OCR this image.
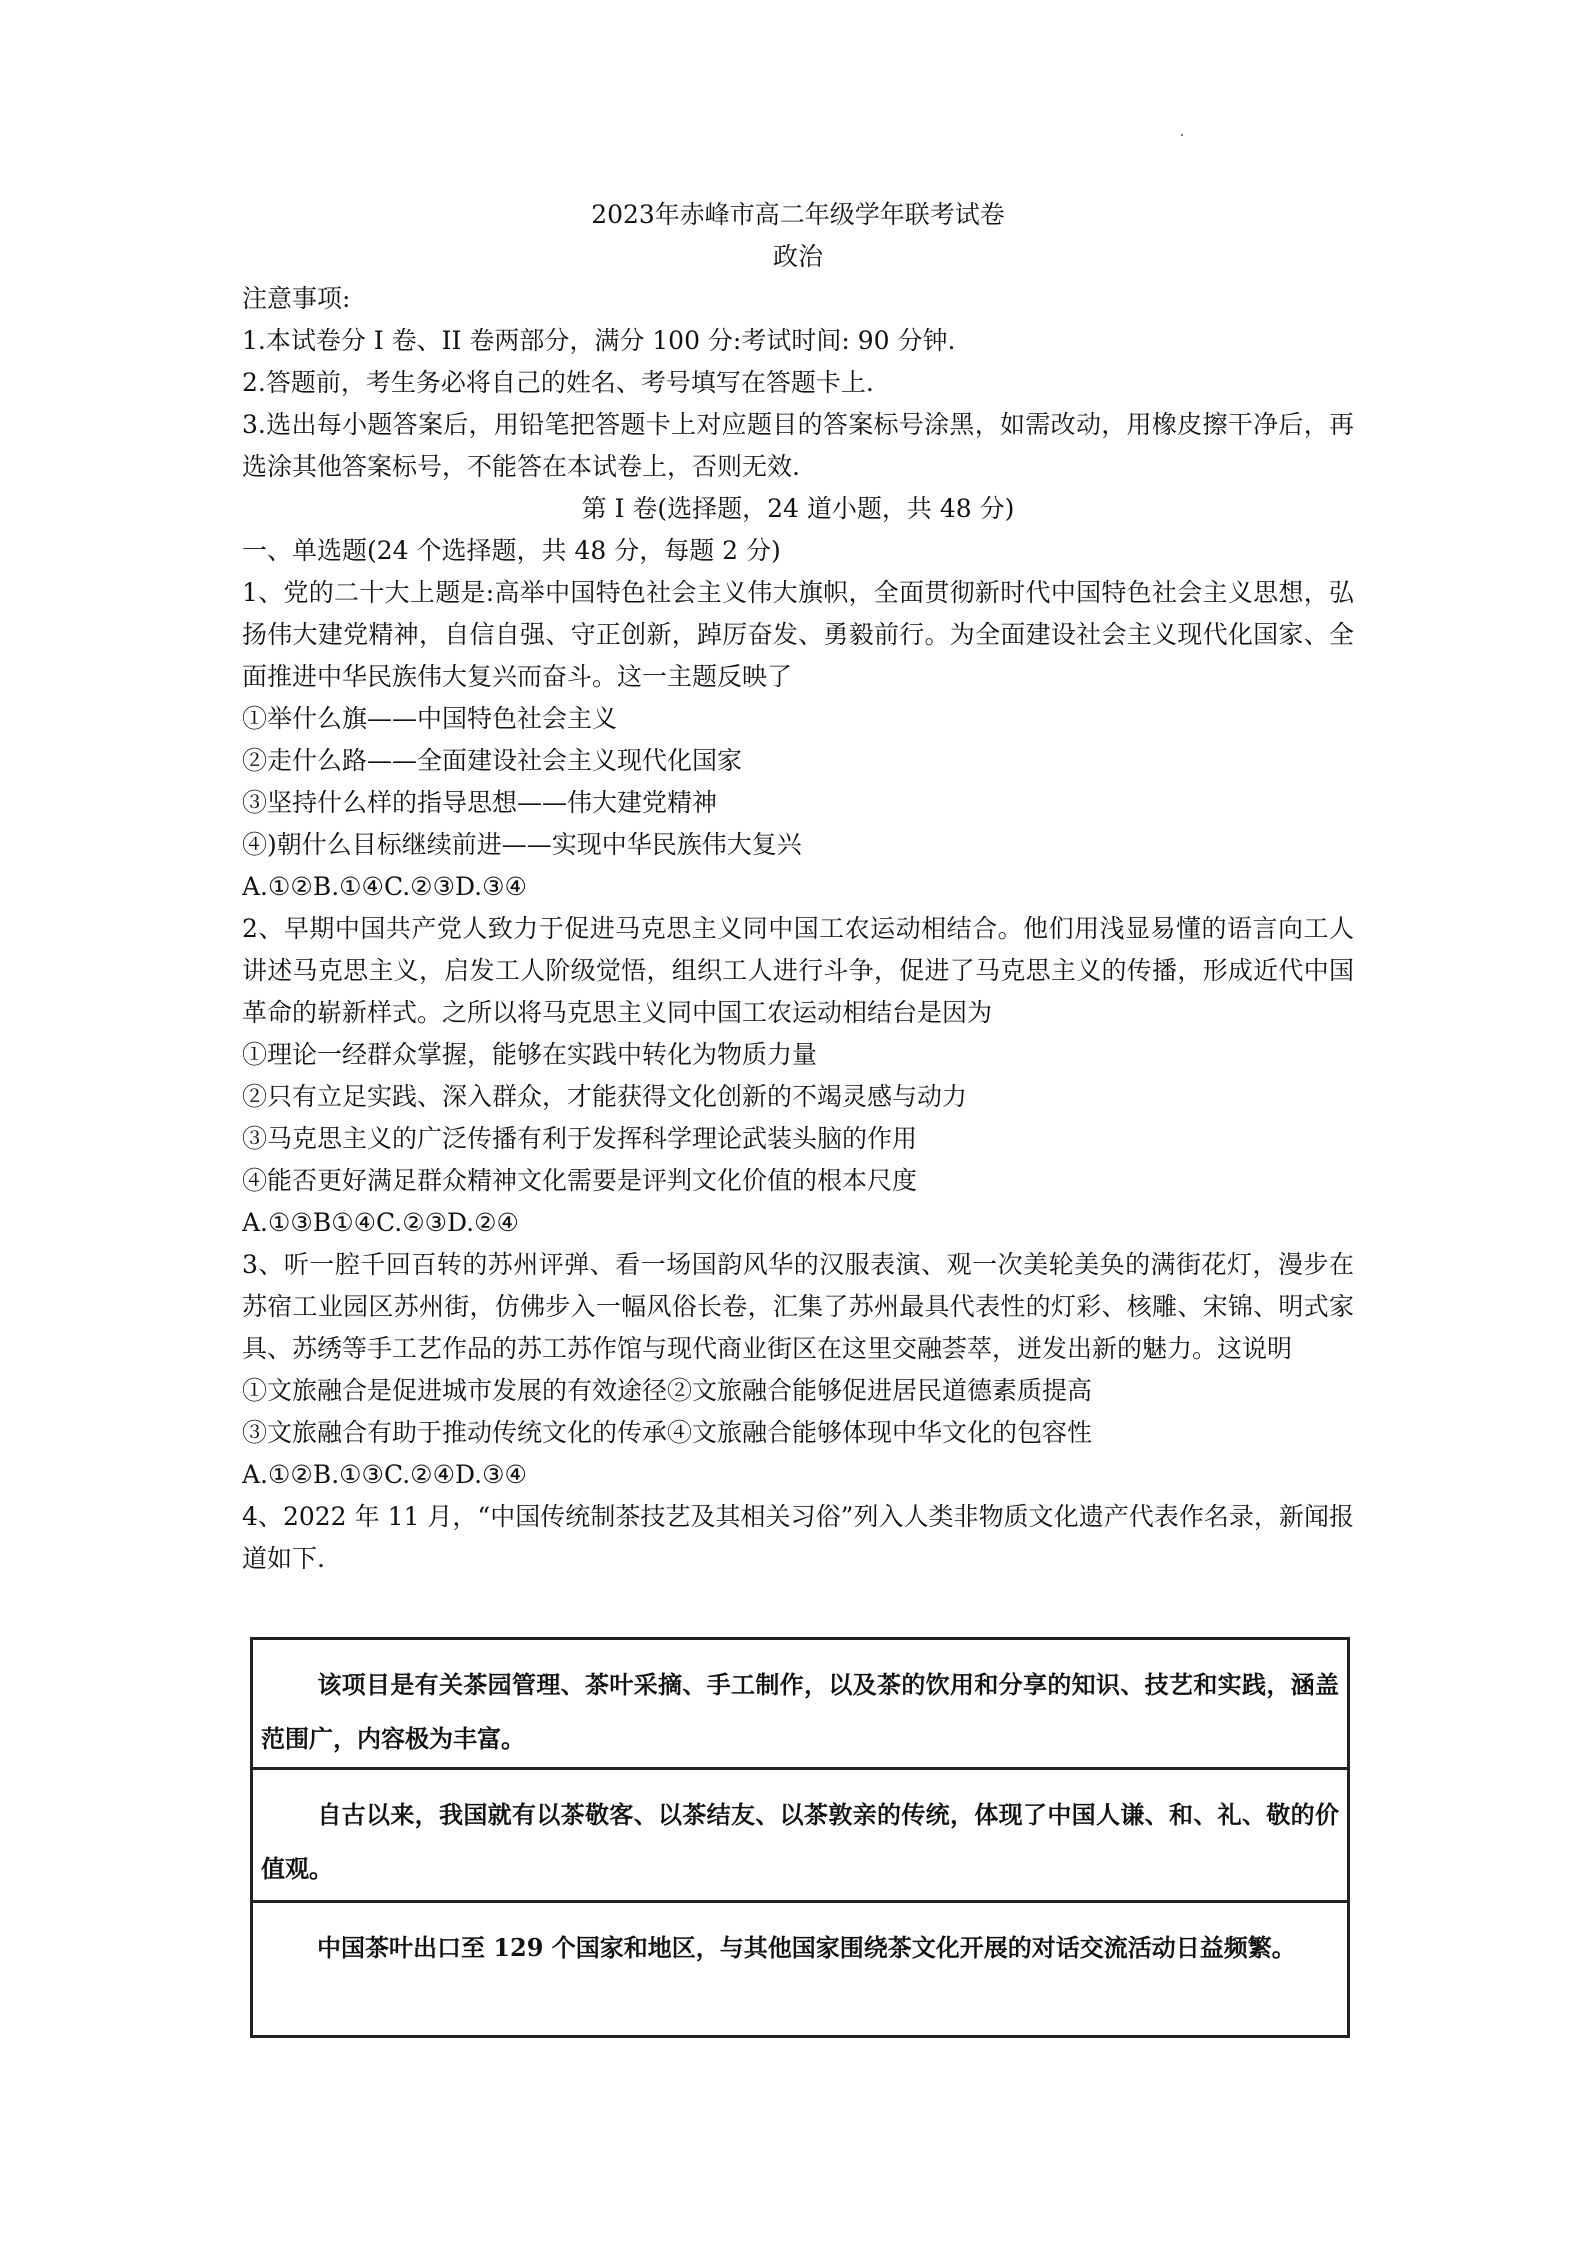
2023年赤峰市高二年级学年联考试卷

政治

注意事项:

1.本试卷分 I 卷、II 卷两部分，满分 100 分:考试时间: 90 分钟.

2.答题前，考生务必将自己的姓名、考号填写在答题卡上.

3.选出每小题答案后，用铅笔把答题卡上对应题目的答案标号涂黑，如需改动，用橡皮擦干净后，再选涂其他答案标号，不能答在本试卷上，否则无效.

第 I 卷(选择题，24 道小题，共 48 分)

一、单选题(24 个选择题，共 48 分，每题 2 分)

1、党的二十大上题是:高举中国特色社会主义伟大旗帜，全面贯彻新时代中国特色社会主义思想，弘扬伟大建党精神，自信自强、守正创新，踔厉奋发、勇毅前行。为全面建设社会主义现代化国家、全面推进中华民族伟大复兴而奋斗。这一主题反映了

①举什么旗——中国特色社会主义

②走什么路——全面建设社会主义现代化国家

③坚持什么样的指导思想——伟大建党精神

④)朝什么目标继续前进——实现中华民族伟大复兴

A.①②B.①④C.②③D.③④

2、早期中国共产党人致力于促进马克思主义同中国工农运动相结合。他们用浅显易懂的语言向工人讲述马克思主义，启发工人阶级觉悟，组织工人进行斗争，促进了马克思主义的传播，形成近代中国革命的崭新样式。之所以将马克思主义同中国工农运动相结台是因为

①理论一经群众掌握，能够在实践中转化为物质力量

②只有立足实践、深入群众，才能获得文化创新的不竭灵感与动力

③马克思主义的广泛传播有利于发挥科学理论武装头脑的作用

④能否更好满足群众精神文化需要是评判文化价值的根本尺度

A.①③B①④C.②③D.②④

3、听一腔千回百转的苏州评弹、看一场国韵风华的汉服表演、观一次美轮美奂的满街花灯，漫步在苏宿工业园区苏州街，仿佛步入一幅风俗长卷，汇集了苏州最具代表性的灯彩、核雕、宋锦、明式家具、苏绣等手工艺作品的苏工苏作馆与现代商业街区在这里交融荟萃，迸发出新的魅力。这说明

①文旅融合是促进城市发展的有效途径②文旅融合能够促进居民道德素质提高

③文旅融合有助于推动传统文化的传承④文旅融合能够体现中华文化的包容性

A.①②B.①③C.②④D.③④

4、2022 年 11 月，“中国传统制茶技艺及其相关习俗”列入人类非物质文化遗产代表作名录，新闻报道如下.

该项目是有关茶园管理、茶叶采摘、手工制作，以及茶的饮用和分享的知识、技艺和实践，涵盖范围广，内容极为丰富。
自古以来，我国就有以茶敬客、以茶结友、以茶敦亲的传统，体现了中国人谦、和、礼、敬的价值观。
中国茶叶出口至 129 个国家和地区，与其他国家围绕茶文化开展的对话交流活动日益频繁。
